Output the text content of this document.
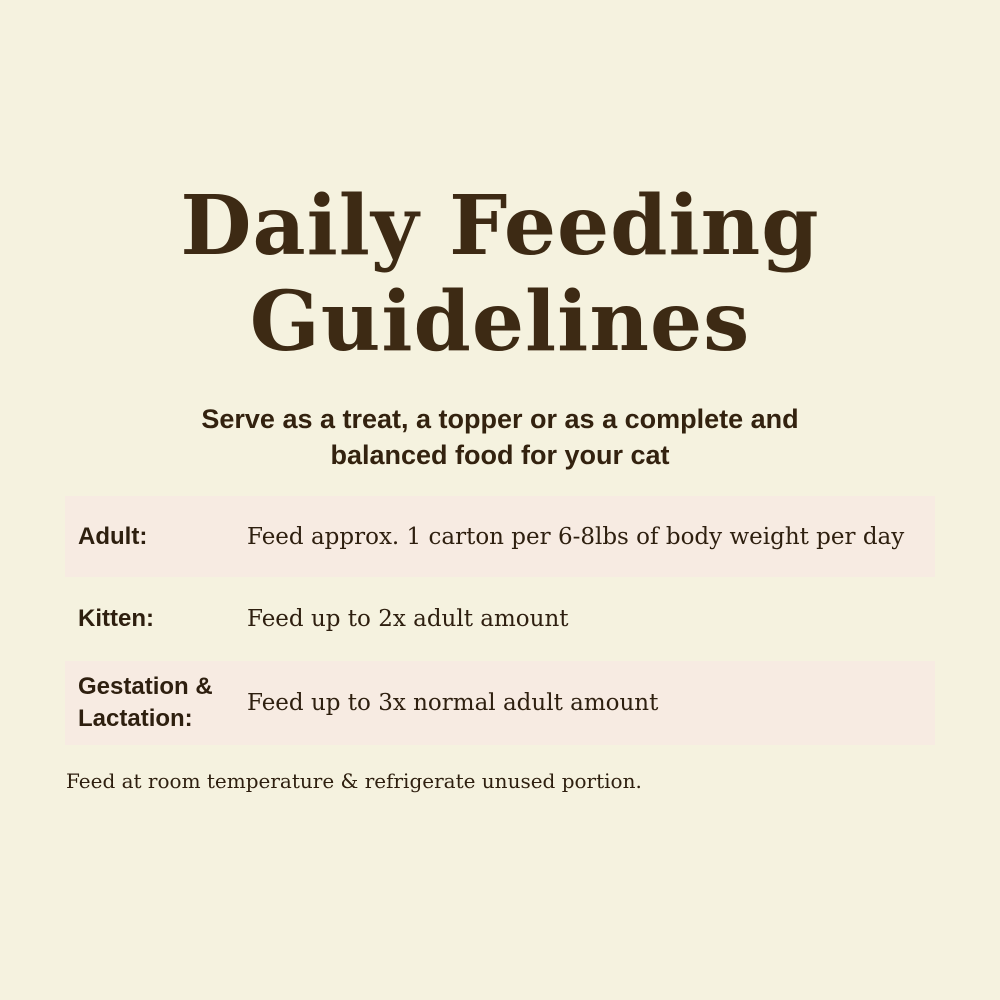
Daily Feeding
Guidelines

Serve as a treat, a topper or as a complete and
balanced food for your cat

Adult:	Feed approx. 1 carton per 6-8lbs of body weight per day
Kitten:	Feed up to 2x adult amount
Gestation &
Lactation:
Feed up to 3x normal adult amount

Feed at room temperature & refrigerate unused portion.
